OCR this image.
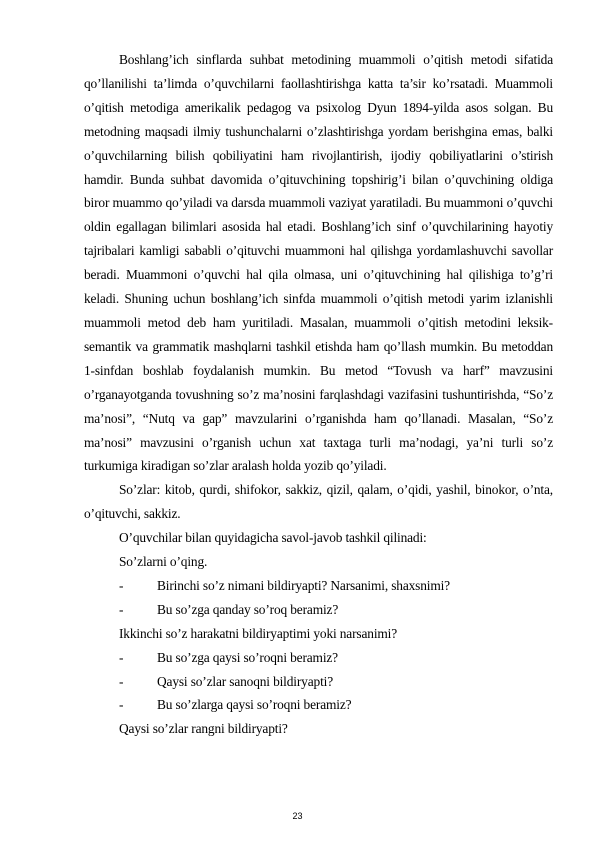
Boshlang’ich sinflarda suhbat metodining muammoli o’qitish metodi sifatida qo’llanilishi ta’limda o’quvchilarni faollashtirishga katta ta’sir ko’rsatadi. Muammoli o’qitish metodiga amerikalik pedagog va psixolog Dyun 1894-yilda asos solgan. Bu metodning maqsadi ilmiy tushunchalarni o’zlashtirishga yordam berishgina emas, balki o’quvchilarning bilish qobiliyatini ham rivojlantirish, ijodiy qobiliyatlarini o’stirish hamdir. Bunda suhbat davomida o’qituvchining topshirig’i bilan o’quvchining oldiga biror muammo qo’yiladi va darsda muammoli vaziyat yaratiladi. Bu muammoni o’quvchi oldin egallagan bilimlari asosida hal etadi. Boshlang’ich sinf o’quvchilarining hayotiy tajribalari kamligi sababli o’qituvchi muammoni hal qilishga yordamlashuvchi savollar beradi. Muammoni o’quvchi hal qila olmasa, uni o’qituvchining hal qilishiga to’g’ri keladi. Shuning uchun boshlang’ich sinfda muammoli o’qitish metodi yarim izlanishli muammoli metod deb ham yuritiladi. Masalan, muammoli o’qitish metodini leksik-semantik va grammatik mashqlarni tashkil etishda ham qo’llash mumkin. Bu metoddan 1-sinfdan boshlab foydalanish mumkin. Bu metod “Tovush va harf” mavzusini o’rganayotganda tovushning so’z ma’nosini farqlashdagi vazifasini tushuntirishda, “So’z ma’nosi”, “Nutq va gap” mavzularini o’rganishda ham qo’llanadi. Masalan, “So’z ma’nosi” mavzusini o’rganish uchun xat taxtaga turli ma’nodagi, ya’ni turli so’z turkumiga kiradigan so’zlar aralash holda yozib qo’yiladi.

So’zlar: kitob, qurdi, shifokor, sakkiz, qizil, qalam, o’qidi, yashil, binokor, o’nta, o’qituvchi, sakkiz.

O’quvchilar bilan quyidagicha savol-javob tashkil qilinadi:

So’zlarni o’qing.

-	Birinchi so’z nimani bildiryapti? Narsanimi, shaxsnimi?
-	Bu so’zga qanday so’roq beramiz?

Ikkinchi so’z harakatni bildiryaptimi yoki narsanimi?

-	Bu so’zga qaysi so’roqni beramiz?
-	Qaysi so’zlar sanoqni bildiryapti?
-	Bu so’zlarga qaysi so’roqni beramiz?

Qaysi so’zlar rangni bildiryapti?

23
